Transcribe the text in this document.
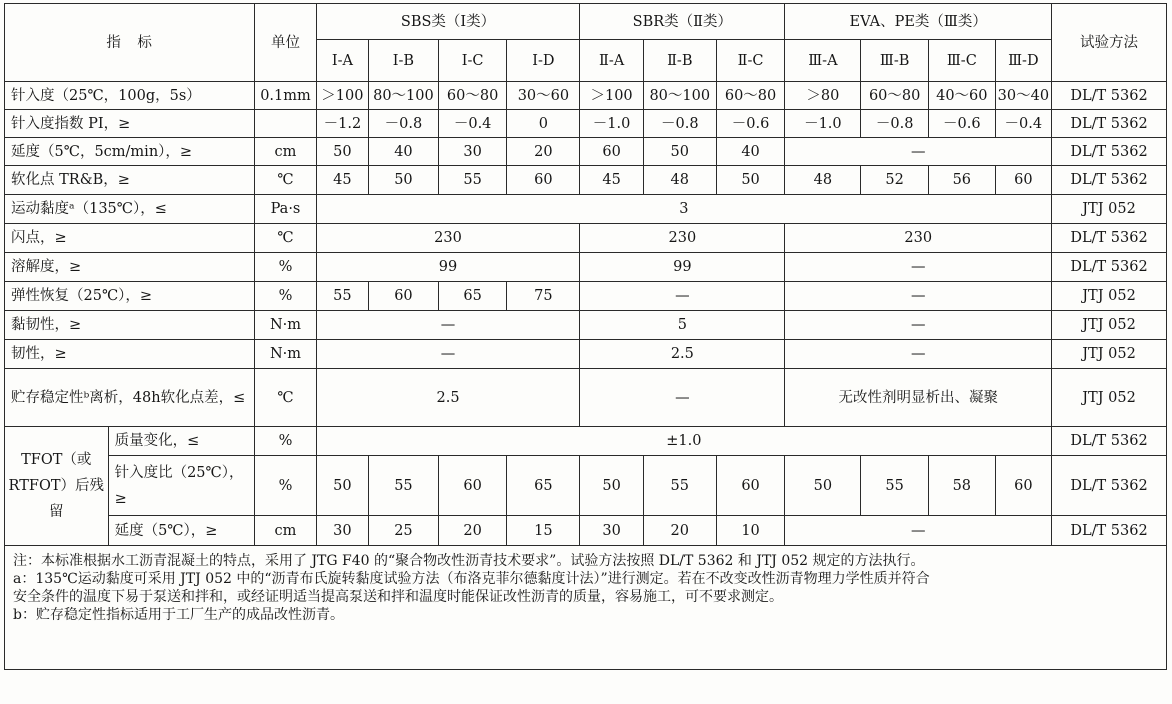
指　标		单位	SBS类（Ⅰ类）				SBR类（Ⅱ类）			EVA、PE类（Ⅲ类）				试验方法
			Ⅰ-A	Ⅰ-B	Ⅰ-C	Ⅰ-D	Ⅱ-A	Ⅱ-B	Ⅱ-C	Ⅲ-A	Ⅲ-B	Ⅲ-C	Ⅲ-D	
针入度（25℃，100g，5s）		0.1mm	＞100	80～100	60～80	30～60	＞100	80～100	60～80	＞80	60～80	40～60	30～40	DL/T 5362
针入度指数 PI，≥			－1.2	－0.8	－0.4	0	－1.0	－0.8	－0.6	－1.0	－0.8	－0.6	－0.4	DL/T 5362
延度（5℃，5cm/min），≥		cm	50	40	30	20	60	50	40	—				DL/T 5362
软化点 TR&B，≥		℃	45	50	55	60	45	48	50	48	52	56	60	DL/T 5362
运动黏度ᵃ（135℃），≤		Pa·s	3											JTJ 052
闪点，≥		℃	230				230			230				DL/T 5362
溶解度，≥		%	99				99			—				DL/T 5362
弹性恢复（25℃），≥		%	55	60	65	75	—			—				JTJ 052
黏韧性，≥		N·m	—				5			—				JTJ 052
韧性，≥		N·m	—				2.5			—				JTJ 052
贮存稳定性ᵇ离析，48h软化点差，≤		℃	2.5				—			无改性剂明显析出、凝聚				JTJ 052
TFOT（或RTFOT）后残留	质量变化，≤	%	±1.0											DL/T 5362
	针入度比（25℃），≥	%	50	55	60	65	50	55	60	50	55	58	60	DL/T 5362
	延度（5℃），≥	cm	30	25	20	15	30	20	10	—				DL/T 5362

注：本标准根据水工沥青混凝土的特点，采用了 JTG F40 的“聚合物改性沥青技术要求”。试验方法按照 DL/T 5362 和 JTJ 052 规定的方法执行。
a：135℃运动黏度可采用 JTJ 052 中的“沥青布氏旋转黏度试验方法（布洛克菲尔德黏度计法）”进行测定。若在不改变改性沥青物理力学性质并符合
安全条件的温度下易于泵送和拌和，或经证明适当提高泵送和拌和温度时能保证改性沥青的质量，容易施工，可不要求测定。
b：贮存稳定性指标适用于工厂生产的成品改性沥青。														
